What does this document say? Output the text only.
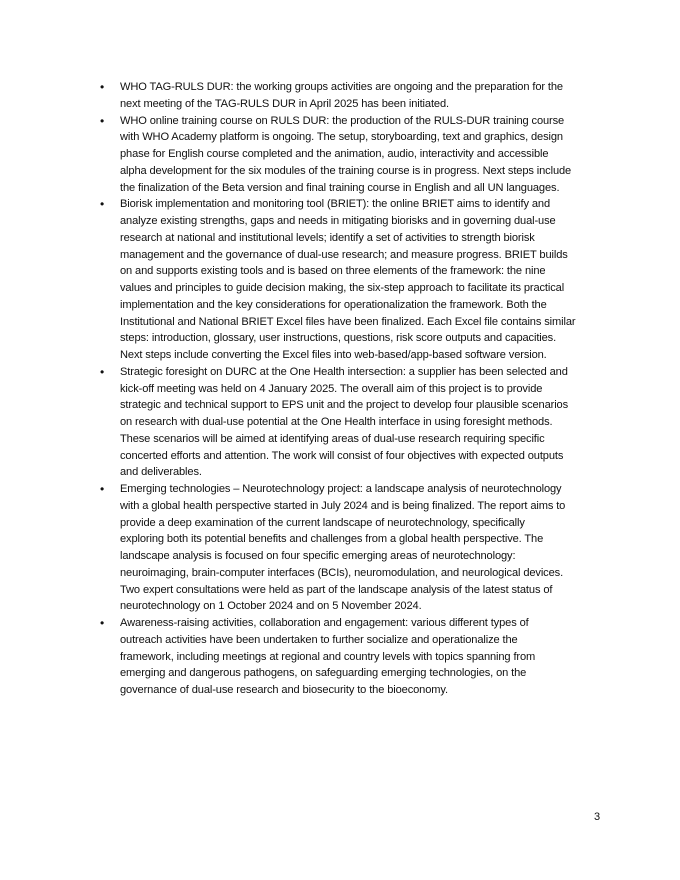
• WHO TAG-RULS DUR: the working groups activities are ongoing and the preparation for the
next meeting of the TAG-RULS DUR in April 2025 has been initiated.
• WHO online training course on RULS DUR: the production of the RULS-DUR training course
with WHO Academy platform is ongoing. The setup, storyboarding, text and graphics, design
phase for English course completed and the animation, audio, interactivity and accessible
alpha development for the six modules of the training course is in progress. Next steps include
the finalization of the Beta version and final training course in English and all UN languages.
• Biorisk implementation and monitoring tool (BRIET): the online BRIET aims to identify and
analyze existing strengths, gaps and needs in mitigating biorisks and in governing dual-use
research at national and institutional levels; identify a set of activities to strength biorisk
management and the governance of dual-use research; and measure progress. BRIET builds
on and supports existing tools and is based on three elements of the framework: the nine
values and principles to guide decision making, the six-step approach to facilitate its practical
implementation and the key considerations for operationalization the framework. Both the
Institutional and National BRIET Excel files have been finalized. Each Excel file contains similar
steps: introduction, glossary, user instructions, questions, risk score outputs and capacities.
Next steps include converting the Excel files into web-based/app-based software version.
• Strategic foresight on DURC at the One Health intersection: a supplier has been selected and
kick-off meeting was held on 4 January 2025. The overall aim of this project is to provide
strategic and technical support to EPS unit and the project to develop four plausible scenarios
on research with dual-use potential at the One Health interface in using foresight methods.
These scenarios will be aimed at identifying areas of dual-use research requiring specific
concerted efforts and attention. The work will consist of four objectives with expected outputs
and deliverables.
• Emerging technologies – Neurotechnology project: a landscape analysis of neurotechnology
with a global health perspective started in July 2024 and is being finalized. The report aims to
provide a deep examination of the current landscape of neurotechnology, specifically
exploring both its potential benefits and challenges from a global health perspective. The
landscape analysis is focused on four specific emerging areas of neurotechnology:
neuroimaging, brain-computer interfaces (BCIs), neuromodulation, and neurological devices.
Two expert consultations were held as part of the landscape analysis of the latest status of
neurotechnology on 1 October 2024 and on 5 November 2024.
• Awareness-raising activities, collaboration and engagement: various different types of
outreach activities have been undertaken to further socialize and operationalize the
framework, including meetings at regional and country levels with topics spanning from
emerging and dangerous pathogens, on safeguarding emerging technologies, on the
governance of dual-use research and biosecurity to the bioeconomy.
3
